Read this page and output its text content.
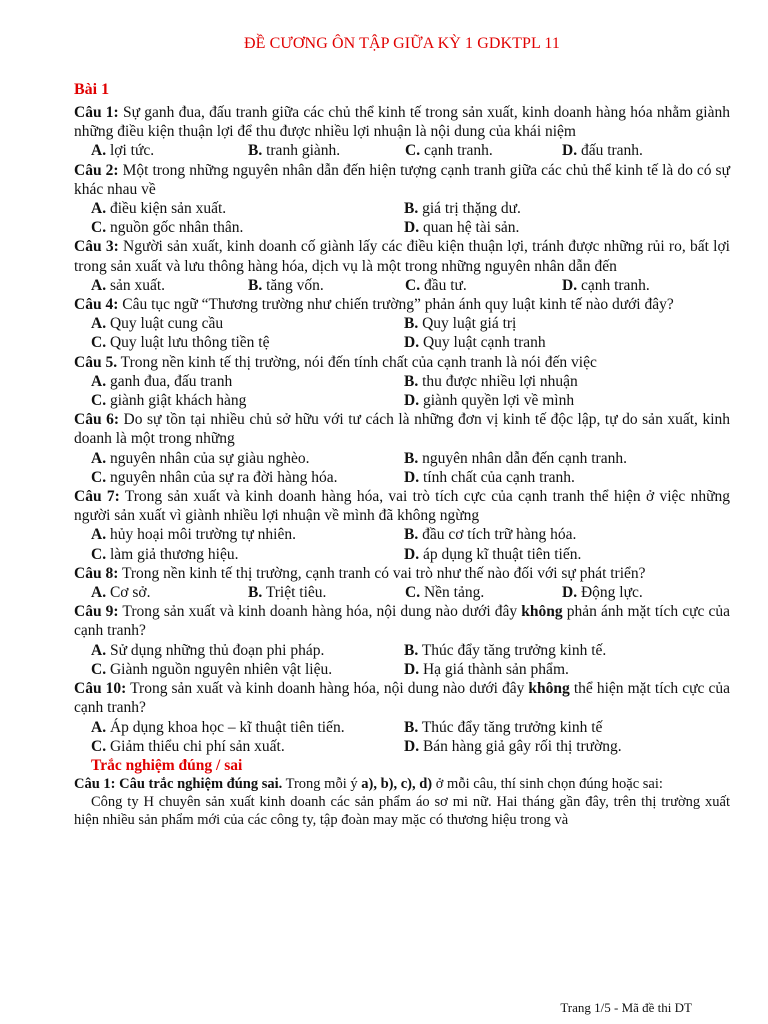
ĐỀ CƯƠNG ÔN TẬP GIỮA KỲ 1 GDKTPL 11
Bài 1
Câu 1: Sự ganh đua, đấu tranh giữa các chủ thể kinh tế trong sản xuất, kinh doanh hàng hóa nhằm giành những điều kiện thuận lợi để thu được nhiều lợi nhuận là nội dung của khái niệm
A. lợi tức.	B. tranh giành.	C. cạnh tranh.	D. đấu tranh.
Câu 2: Một trong những nguyên nhân dẫn đến hiện tượng cạnh tranh giữa các chủ thể kinh tế là do có sự khác nhau về
A. điều kiện sản xuất.	B. giá trị thặng dư.
C. nguồn gốc nhân thân.	D. quan hệ tài sản.
Câu 3: Người sản xuất, kinh doanh cố giành lấy các điều kiện thuận lợi, tránh được những rủi ro, bất lợi trong sản xuất và lưu thông hàng hóa, dịch vụ là một trong những nguyên nhân dẫn đến
A. sản xuất.	B. tăng vốn.	C. đầu tư.	D. cạnh tranh.
Câu 4: Câu tục ngữ “Thương trường như chiến trường” phản ánh quy luật kinh tế nào dưới đây?
A. Quy luật cung cầu	B. Quy luật giá trị
C. Quy luật lưu thông tiền tệ	D. Quy luật cạnh tranh
Câu 5. Trong nền kinh tế thị trường, nói đến tính chất của cạnh tranh là nói đến việc
A. ganh đua, đấu tranh	B. thu được nhiều lợi nhuận
C. giành giật khách hàng	D. giành quyền lợi về mình
Câu 6: Do sự tồn tại nhiều chủ sở hữu với tư cách là những đơn vị kinh tế độc lập, tự do sản xuất, kinh doanh là một trong những
A. nguyên nhân của sự giàu nghèo.	B. nguyên nhân dẫn đến cạnh tranh.
C. nguyên nhân của sự ra đời hàng hóa.	D. tính chất của cạnh tranh.
Câu 7: Trong sản xuất và kinh doanh hàng hóa, vai trò tích cực của cạnh tranh thể hiện ở việc những người sản xuất vì giành nhiều lợi nhuận về mình đã không ngừng
A. hủy hoại môi trường tự nhiên.	B. đầu cơ tích trữ hàng hóa.
C. làm giả thương hiệu.	D. áp dụng kĩ thuật tiên tiến.
Câu 8: Trong nền kinh tế thị trường, cạnh tranh có vai trò như thế nào đối với sự phát triển?
A. Cơ sở.	B. Triệt tiêu.	C. Nền tảng.	D. Động lực.
Câu 9: Trong sản xuất và kinh doanh hàng hóa, nội dung nào dưới đây không phản ánh mặt tích cực của cạnh tranh?
A. Sử dụng những thủ đoạn phi pháp.	B. Thúc đẩy tăng trưởng kinh tế.
C. Giành nguồn nguyên nhiên vật liệu.	D. Hạ giá thành sản phẩm.
Câu 10: Trong sản xuất và kinh doanh hàng hóa, nội dung nào dưới đây không thể hiện mặt tích cực của cạnh tranh?
A. Áp dụng khoa học – kĩ thuật tiên tiến.	B. Thúc đẩy tăng trưởng kinh tế
C. Giảm thiểu chi phí sản xuất.	D. Bán hàng giả gây rối thị trường.
Trắc nghiệm đúng / sai
Câu 1: Câu trắc nghiệm đúng sai. Trong mỗi ý a), b), c), d) ở mỗi câu, thí sinh chọn đúng hoặc sai:
Công ty H chuyên sản xuất kinh doanh các sản phẩm áo sơ mi nữ. Hai tháng gần đây, trên thị trường xuất hiện nhiều sản phẩm mới của các công ty, tập đoàn may mặc có thương hiệu trong và
Trang 1/5 - Mã đề thi DT
